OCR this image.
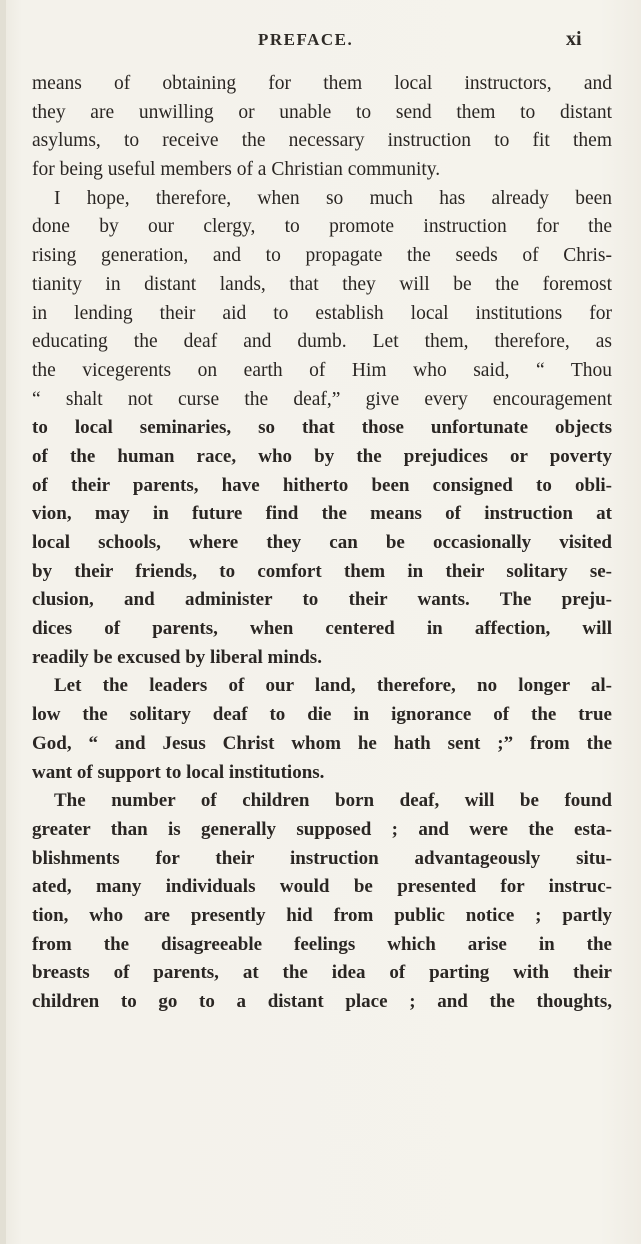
PREFACE.	xi
means of obtaining for them local instructors, and
they are unwilling or unable to send them to distant
asylums, to receive the necessary instruction to fit them
for being useful members of a Christian community.
I hope, therefore, when so much has already been
done by our clergy, to promote instruction for the
rising generation, and to propagate the seeds of Chris-
tianity in distant lands, that they will be the foremost
in lending their aid to establish local institutions for
educating the deaf and dumb. Let them, therefore, as
the vicegerents on earth of Him who said, “ Thou
“ shalt not curse the deaf,” give every encouragement
to local seminaries, so that those unfortunate objects
of the human race, who by the prejudices or poverty
of their parents, have hitherto been consigned to obli-
vion, may in future find the means of instruction at
local schools, where they can be occasionally visited
by their friends, to comfort them in their solitary se-
clusion, and administer to their wants. The preju-
dices of parents, when centered in affection, will
readily be excused by liberal minds.
Let the leaders of our land, therefore, no longer al-
low the solitary deaf to die in ignorance of the true
God, “ and Jesus Christ whom he hath sent ;” from the
want of support to local institutions.
The number of children born deaf, will be found
greater than is generally supposed ; and were the esta-
blishments for their instruction advantageously situ-
ated, many individuals would be presented for instruc-
tion, who are presently hid from public notice ; partly
from the disagreeable feelings which arise in the
breasts of parents, at the idea of parting with their
children to go to a distant place ; and the thoughts,
